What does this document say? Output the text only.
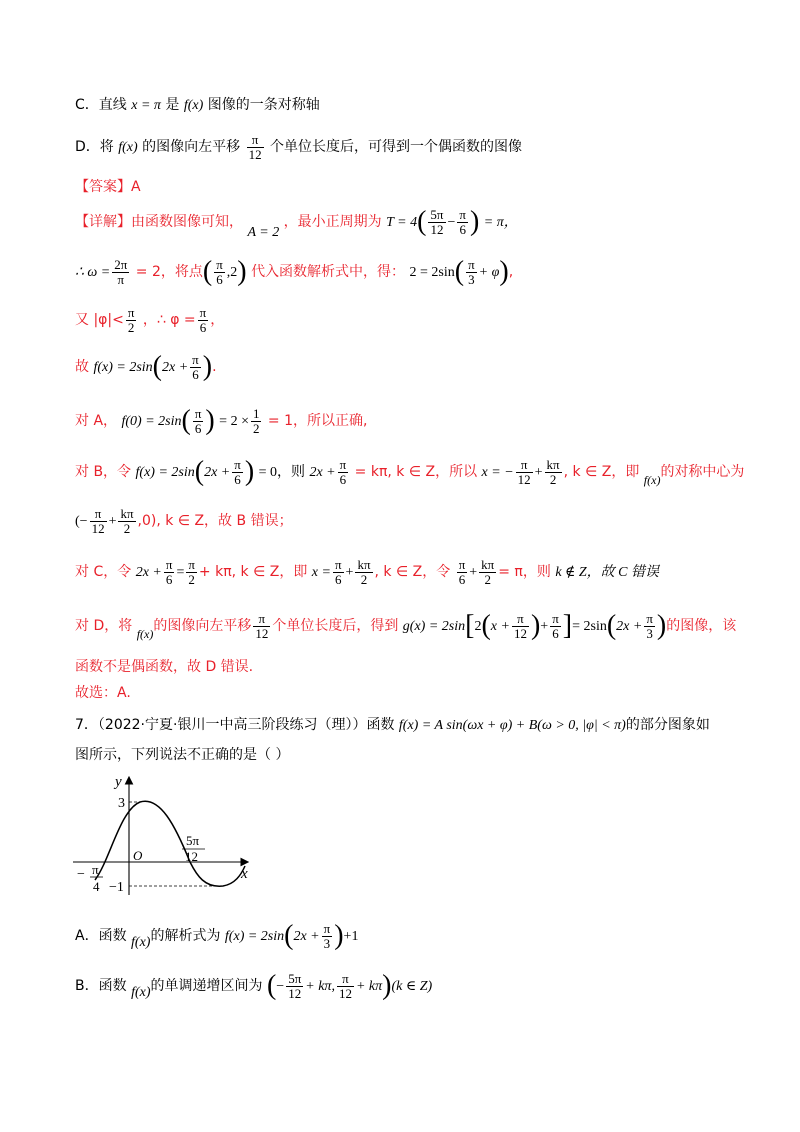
C．直线 x = π 是 f(x) 图像的一条对称轴
D．将 f(x) 的图像向左平移 $\frac{\pi}{12}$ 个单位长度后，可得到一个偶函数的图像
【答案】A
【详解】由函数图像可知， A = 2 ，最小正周期为 $T = 4( \frac{5\pi}{12} - \frac{\pi}{6}$ ) = π，
∴ $\omega = \frac{2\pi}{\pi} = 2$，将点( $\frac{\pi}{6} ,2$) 代入函数解析式中，得： $2 = 2\sin( \frac{\pi}{3} + \varphi)$,
又 $|\varphi|< \frac{\pi}{2}$ ，∴ $\varphi = \frac{\pi}{6}$ ，
故 $f(x) = 2\sin(2x + \frac{\pi}{6}$ ).
对 A， $f(0) = 2\sin( \frac{\pi}{6}$ ) = $2 \times \frac{1}{2} = 1$，所以正确,
对 B，令 $f(x) = 2\sin(2x + \frac{\pi}{6}$ ) = 0，则 $2x + \frac{\pi}{6} = k\pi$, k ∈ Z，所以 x = − $\frac{\pi}{12} + \frac{k\pi}{2}$ , k ∈ Z，即 f(x)的对称中心为
(− $\frac{\pi}{12} + \frac{k\pi}{2} ,0$), k ∈ Z，故 B 错误；
对 C，令 $2x + \frac{\pi}{6} = \frac{\pi}{2} + k\pi$, k ∈ Z，即 $x = \frac{\pi}{6} + \frac{k\pi}{2}$ , k ∈ Z，令 $\frac{\pi}{6} + \frac{k\pi}{2} = \pi$，则 k ∉ Z，故 C 错误
对 D，将 f(x)的图像向左平移 $\frac{\pi}{12}$ 个单位长度后，得到 $g(x) = 2\sin[2(x + \frac{\pi}{12}$ )+ $\frac{\pi}{6}$ ]= $2\sin(2x + \frac{\pi}{3}$ )的图像，该
函数不是偶函数，故 D 错误.
故选：A.
7．（2022·宁夏·银川一中高三阶段练习（理））函数 f(x) = A sin(ωx + φ) + B(ω > 0, |φ| < π)的部分图象如
图所示，下列说法不正确的是（ ）
y
x
O
3
−1
− π
4
5π
12
A．函数 f(x)的解析式为 $f(x) = 2\sin(2x + \frac{\pi}{3} )+1$
B．函数 f(x)的单调递增区间为 (− $\frac{5\pi}{12} + k\pi$, $\frac{\pi}{12} + k\pi)(k$ ∈ Z)
